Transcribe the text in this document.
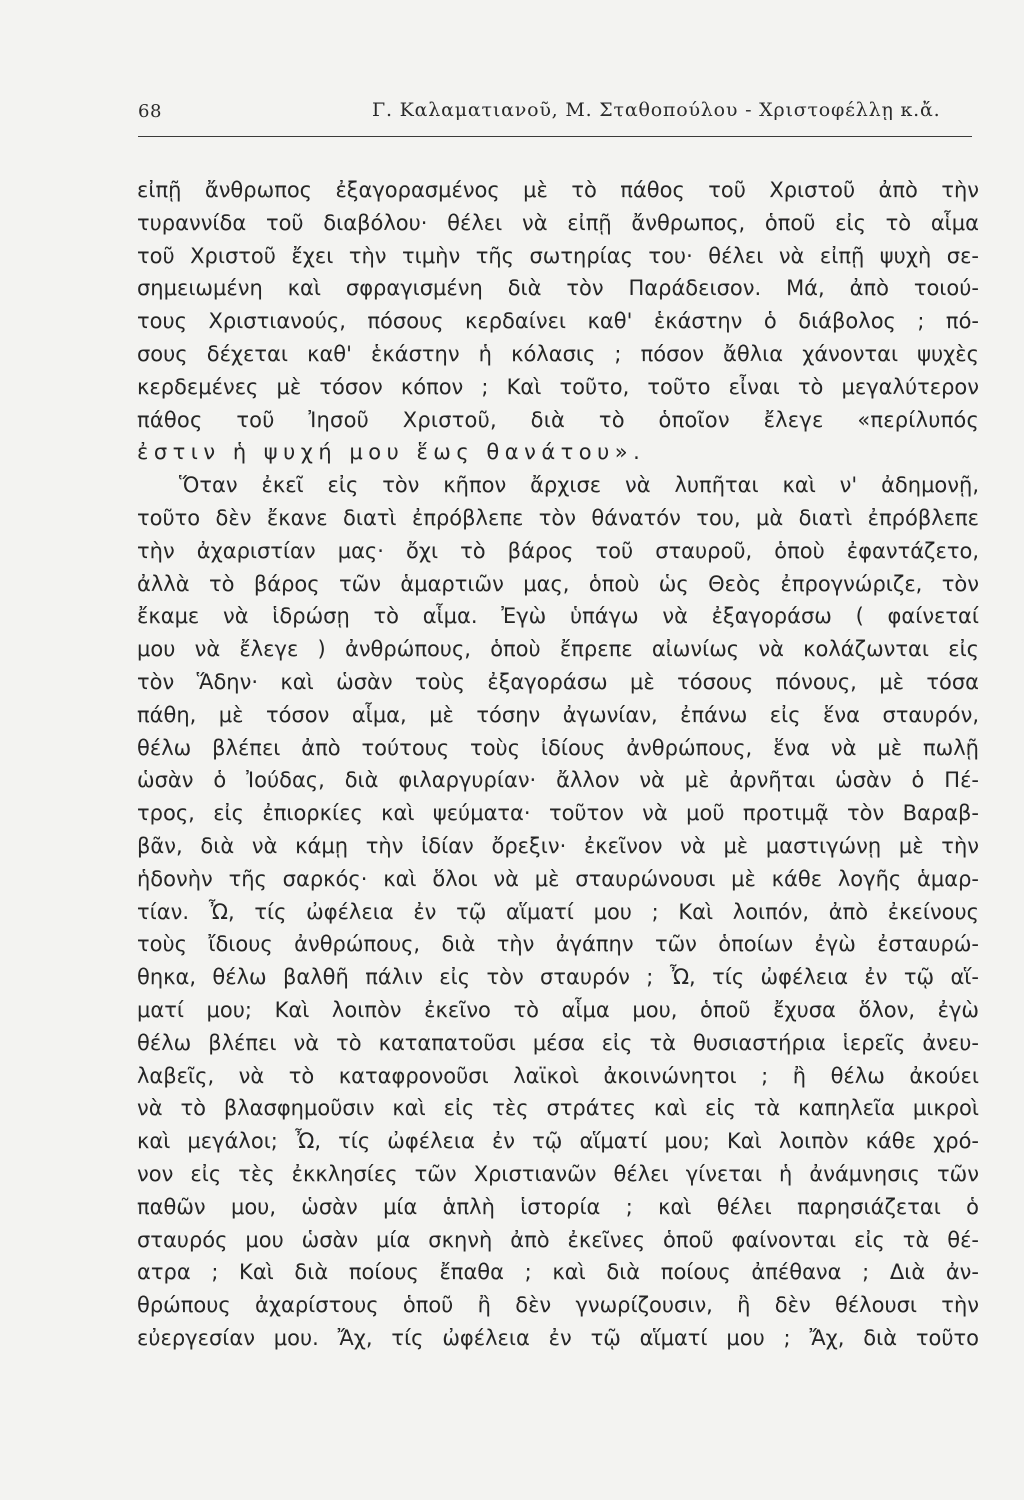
68	Γ. Καλαματιανοῦ, Μ. Σταθοπούλου - Χριστοφέλλῃ κ.ἄ.
εἰπῇ ἄνθρωπος ἐξαγορασμένος μὲ τὸ πάθος τοῦ Χριστοῦ ἀπὸ τὴν
τυραννίδα τοῦ διαβόλου· θέλει νὰ εἰπῇ ἄνθρωπος, ὁποῦ εἰς τὸ αἷμα
τοῦ Χριστοῦ ἔχει τὴν τιμὴν τῆς σωτηρίας του· θέλει νὰ εἰπῇ ψυχὴ σε-
σημειωμένη καὶ σφραγισμένη διὰ τὸν Παράδεισον. Μά, ἀπὸ τοιού-
τους Χριστιανούς, πόσους κερδαίνει καθ' ἑκάστην ὁ διάβολος ; πό-
σους δέχεται καθ' ἑκάστην ἡ κόλασις ; πόσον ἄθλια χάνονται ψυχὲς
κερδεμένες μὲ τόσον κόπον ; Καὶ τοῦτο, τοῦτο εἶναι τὸ μεγαλύτερον
πάθος τοῦ Ἰησοῦ Χριστοῦ, διὰ τὸ ὁποῖον ἔλεγε «περίλυπός
ἐστιν ἡ ψυχή μου ἕως θανάτου».
Ὅταν ἐκεῖ εἰς τὸν κῆπον ἄρχισε νὰ λυπῆται καὶ ν' ἀδημονῇ,
τοῦτο δὲν ἔκανε διατὶ ἐπρόβλεπε τὸν θάνατόν του, μὰ διατὶ ἐπρόβλεπε
τὴν ἀχαριστίαν μας· ὄχι τὸ βάρος τοῦ σταυροῦ, ὁποὺ ἐφαντάζετο,
ἀλλὰ τὸ βάρος τῶν ἁμαρτιῶν μας, ὁποὺ ὡς Θεὸς ἐπρογνώριζε, τὸν
ἔκαμε νὰ ἱδρώσῃ τὸ αἷμα. Ἐγὼ ὑπάγω νὰ ἐξαγοράσω ( φαίνεταί
μου νὰ ἔλεγε ) ἀνθρώπους, ὁποὺ ἔπρεπε αἰωνίως νὰ κολάζωνται εἰς
τὸν Ἅδην· καὶ ὡσὰν τοὺς ἐξαγοράσω μὲ τόσους πόνους, μὲ τόσα
πάθη, μὲ τόσον αἷμα, μὲ τόσην ἀγωνίαν, ἐπάνω εἰς ἕνα σταυρόν,
θέλω βλέπει ἀπὸ τούτους τοὺς ἰδίους ἀνθρώπους, ἕνα νὰ μὲ πωλῇ
ὡσὰν ὁ Ἰούδας, διὰ φιλαργυρίαν· ἄλλον νὰ μὲ ἀρνῆται ὡσὰν ὁ Πέ-
τρος, εἰς ἐπιορκίες καὶ ψεύματα· τοῦτον νὰ μοῦ προτιμᾷ τὸν Βαραβ-
βᾶν, διὰ νὰ κάμῃ τὴν ἰδίαν ὄρεξιν· ἐκεῖνον νὰ μὲ μαστιγώνῃ μὲ τὴν
ἡδονὴν τῆς σαρκός· καὶ ὅλοι νὰ μὲ σταυρώνουσι μὲ κάθε λογῆς ἁμαρ-
τίαν. Ὦ, τίς ὠφέλεια ἐν τῷ αἵματί μου ; Καὶ λοιπόν, ἀπὸ ἐκείνους
τοὺς ἴδιους ἀνθρώπους, διὰ τὴν ἀγάπην τῶν ὁποίων ἐγὼ ἐσταυρώ-
θηκα, θέλω βαλθῆ πάλιν εἰς τὸν σταυρόν ; Ὦ, τίς ὠφέλεια ἐν τῷ αἵ-
ματί μου; Καὶ λοιπὸν ἐκεῖνο τὸ αἷμα μου, ὁποῦ ἔχυσα ὅλον, ἐγὼ
θέλω βλέπει νὰ τὸ καταπατοῦσι μέσα εἰς τὰ θυσιαστήρια ἱερεῖς ἀνευ-
λαβεῖς, νὰ τὸ καταφρονοῦσι λαϊκοὶ ἀκοινώνητοι ; ἢ θέλω ἀκούει
νὰ τὸ βλασφημοῦσιν καὶ εἰς τὲς στράτες καὶ εἰς τὰ καπηλεῖα μικροὶ
καὶ μεγάλοι; Ὦ, τίς ὠφέλεια ἐν τῷ αἵματί μου; Καὶ λοιπὸν κάθε χρό-
νον εἰς τὲς ἐκκλησίες τῶν Χριστιανῶν θέλει γίνεται ἡ ἀνάμνησις τῶν
παθῶν μου, ὡσὰν μία ἁπλὴ ἱστορία ; καὶ θέλει παρησιάζεται ὁ
σταυρός μου ὡσὰν μία σκηνὴ ἀπὸ ἐκεῖνες ὁποῦ φαίνονται εἰς τὰ θέ-
ατρα ; Καὶ διὰ ποίους ἔπαθα ; καὶ διὰ ποίους ἀπέθανα ; Διὰ ἀν-
θρώπους ἀχαρίστους ὁποῦ ἢ δὲν γνωρίζουσιν, ἢ δὲν θέλουσι τὴν
εὐεργεσίαν μου. Ἄχ, τίς ὠφέλεια ἐν τῷ αἵματί μου ; Ἄχ, διὰ τοῦτο
